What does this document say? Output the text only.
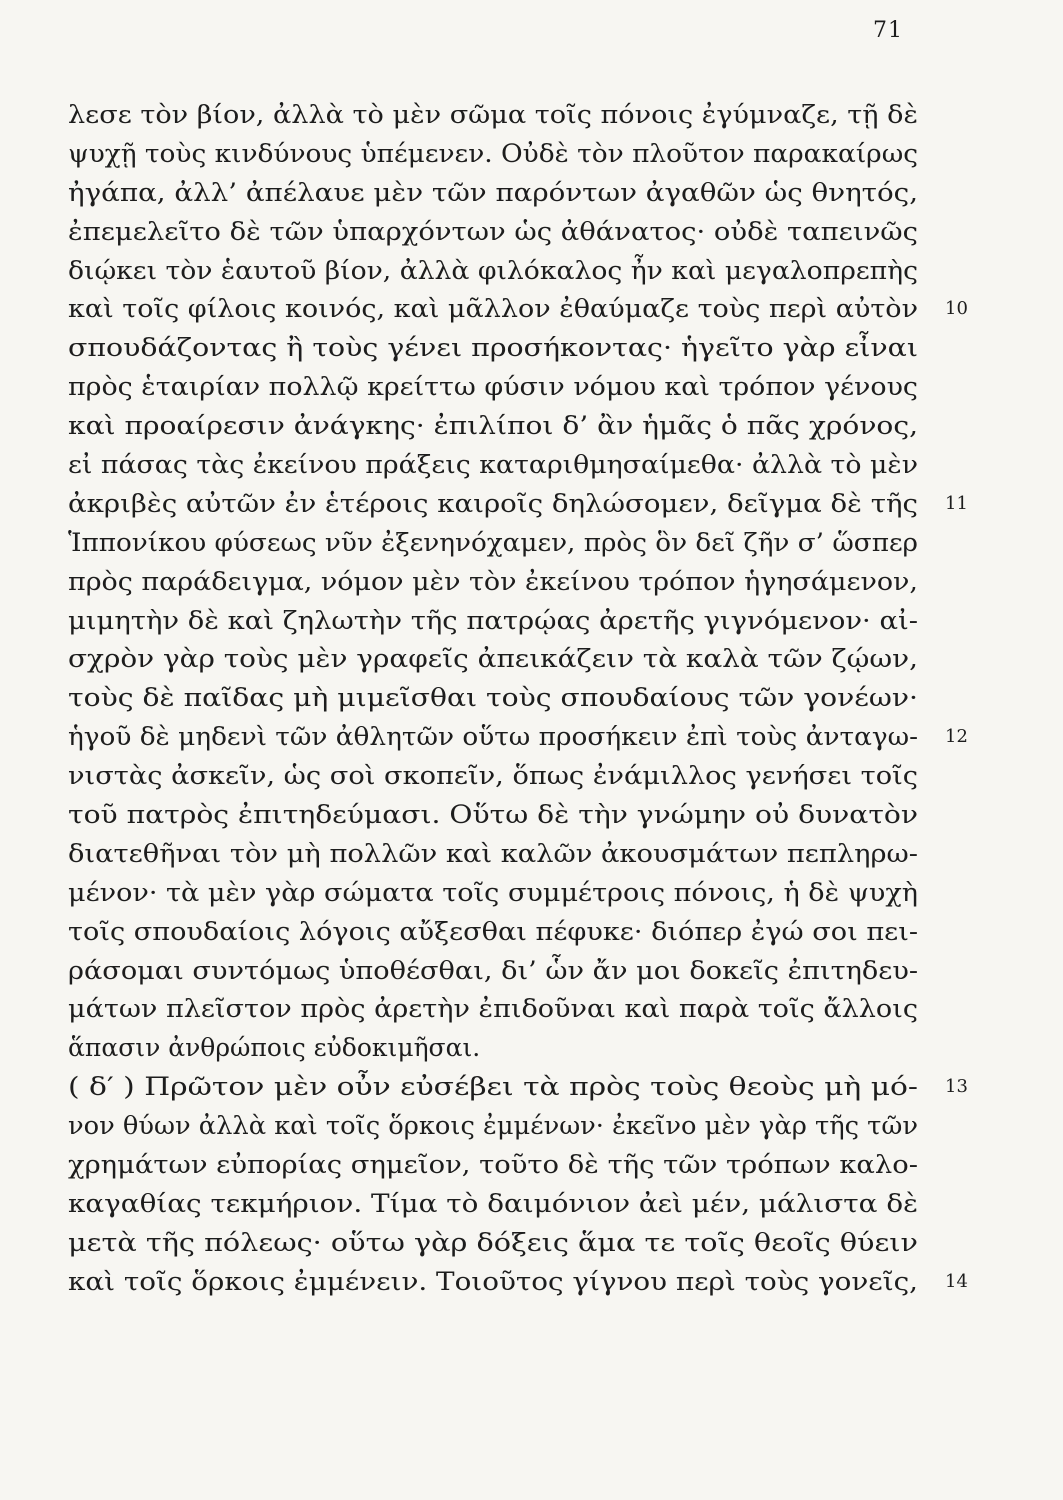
71
λεσε τὸν βίον, ἀλλὰ τὸ μὲν σῶμα τοῖς πόνοις ἐγύμναζε, τῇ δὲ
ψυχῇ τοὺς κινδύνους ὑπέμενεν. Οὐδὲ τὸν πλοῦτον παρακαίρως
ἠγάπα, ἀλλ’ ἀπέλαυε μὲν τῶν παρόντων ἀγαθῶν ὡς θνητός,
ἐπεμελεῖτο δὲ τῶν ὑπαρχόντων ὡς ἀθάνατος· οὐδὲ ταπεινῶς
διῴκει τὸν ἑαυτοῦ βίον, ἀλλὰ φιλόκαλος ἦν καὶ μεγαλοπρεπὴς
καὶ τοῖς φίλοις κοινός, καὶ μᾶλλον ἐθαύμαζε τοὺς περὶ αὐτὸν 10
σπουδάζοντας ἢ τοὺς γένει προσήκοντας· ἡγεῖτο γὰρ εἶναι
πρὸς ἑταιρίαν πολλῷ κρείττω φύσιν νόμου καὶ τρόπον γένους
καὶ προαίρεσιν ἀνάγκης· ἐπιλίποι δ’ ἂν ἡμᾶς ὁ πᾶς χρόνος,
εἰ πάσας τὰς ἐκείνου πράξεις καταριθμησαίμεθα· ἀλλὰ τὸ μὲν
ἀκριβὲς αὐτῶν ἐν ἑτέροις καιροῖς δηλώσομεν, δεῖγμα δὲ τῆς 11
Ἱππονίκου φύσεως νῦν ἐξενηνόχαμεν, πρὸς ὃν δεῖ ζῆν σ’ ὥσπερ
πρὸς παράδειγμα, νόμον μὲν τὸν ἐκείνου τρόπον ἡγησάμενον,
μιμητὴν δὲ καὶ ζηλωτὴν τῆς πατρῴας ἀρετῆς γιγνόμενον· αἰ-
σχρὸν γὰρ τοὺς μὲν γραφεῖς ἀπεικάζειν τὰ καλὰ τῶν ζῴων,
τοὺς δὲ παῖδας μὴ μιμεῖσθαι τοὺς σπουδαίους τῶν γονέων·
ἡγοῦ δὲ μηδενὶ τῶν ἀθλητῶν οὕτω προσήκειν ἐπὶ τοὺς ἀνταγω- 12
νιστὰς ἀσκεῖν, ὡς σοὶ σκοπεῖν, ὅπως ἐνάμιλλος γενήσει τοῖς
τοῦ πατρὸς ἐπιτηδεύμασι. Οὕτω δὲ τὴν γνώμην οὐ δυνατὸν
διατεθῆναι τὸν μὴ πολλῶν καὶ καλῶν ἀκουσμάτων πεπληρω-
μένον· τὰ μὲν γὰρ σώματα τοῖς συμμέτροις πόνοις, ἡ δὲ ψυχὴ
τοῖς σπουδαίοις λόγοις αὔξεσθαι πέφυκε· διόπερ ἐγώ σοι πει-
ράσομαι συντόμως ὑποθέσθαι, δι’ ὧν ἄν μοι δοκεῖς ἐπιτηδευ-
μάτων πλεῖστον πρὸς ἀρετὴν ἐπιδοῦναι καὶ παρὰ τοῖς ἄλλοις
ἅπασιν ἀνθρώποις εὐδοκιμῆσαι.
( δ′ ) Πρῶτον μὲν οὖν εὐσέβει τὰ πρὸς τοὺς θεοὺς μὴ μό- 13
νον θύων ἀλλὰ καὶ τοῖς ὅρκοις ἐμμένων· ἐκεῖνο μὲν γὰρ τῆς τῶν
χρημάτων εὐπορίας σημεῖον, τοῦτο δὲ τῆς τῶν τρόπων καλο-
καγαθίας τεκμήριον. Τίμα τὸ δαιμόνιον ἀεὶ μέν, μάλιστα δὲ
μετὰ τῆς πόλεως· οὕτω γὰρ δόξεις ἅμα τε τοῖς θεοῖς θύειν
καὶ τοῖς ὅρκοις ἐμμένειν. Τοιοῦτος γίγνου περὶ τοὺς γονεῖς, 14
